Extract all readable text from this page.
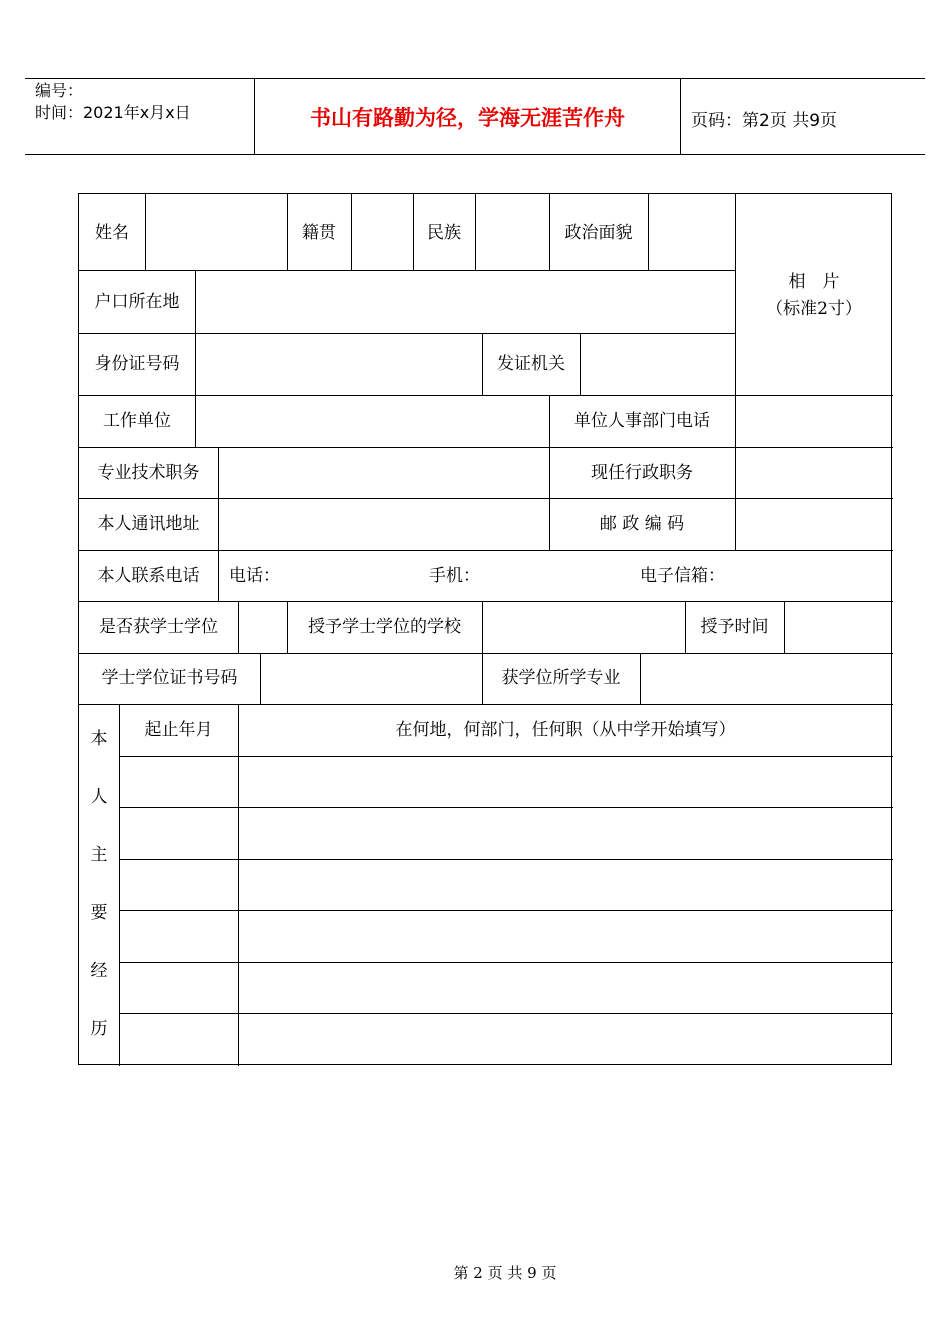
编号：
时间：2021年x月x日	书山有路勤为径，学海无涯苦作舟	页码：第2页 共9页
姓名	籍贯	民族	政治面貌
相　片
（标准2寸）
户口所在地
身份证号码	发证机关
工作单位	单位人事部门电话
专业技术职务	现任行政职务
本人通讯地址	邮 政 编 码
本人联系电话	电话：	手机：	电子信箱：
是否获学士学位	授予学士学位的学校	授予时间
学士学位证书号码	获学位所学专业
本
人
主
要
经
历
起止年月	在何地，何部门，任何职（从中学开始填写）
第 2 页 共 9 页
